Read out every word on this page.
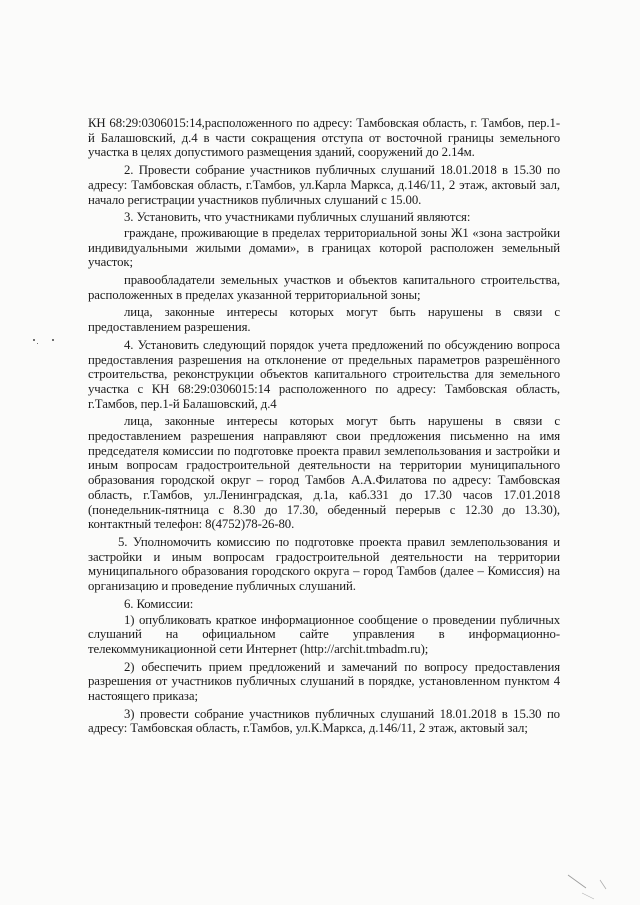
КН 68:29:0306015:14,расположенного по адресу: Тамбовская область, г. Тамбов, пер.1-й Балашовский, д.4 в части сокращения отступа от восточной границы земельного участка в целях допустимого размещения зданий, сооружений до 2.14м.

2. Провести собрание участников публичных слушаний 18.01.2018 в 15.30 по адресу: Тамбовская область, г.Тамбов, ул.Карла Маркса, д.146/11, 2 этаж, актовый зал, начало регистрации участников публичных слушаний с 15.00.

3. Установить, что участниками публичных слушаний являются:

граждане, проживающие в пределах территориальной зоны Ж1 «зона застройки индивидуальными жилыми домами», в границах которой расположен земельный участок;

правообладатели земельных участков и объектов капитального строительства, расположенных в пределах указанной территориальной зоны;

лица, законные интересы которых могут быть нарушены в связи с предоставлением разрешения.

4. Установить следующий порядок учета предложений по обсуждению вопроса предоставления разрешения на отклонение от предельных параметров разрешённого строительства, реконструкции объектов капитального строительства для земельного участка с КН 68:29:0306015:14 расположенного по адресу: Тамбовская область, г.Тамбов, пер.1-й Балашовский, д.4

лица, законные интересы которых могут быть нарушены в связи с предоставлением разрешения направляют свои предложения письменно на имя председателя комиссии по подготовке проекта правил землепользования и застройки и иным вопросам градостроительной деятельности на территории муниципального образования городской округ – город Тамбов А.А.Филатова по адресу: Тамбовская область, г.Тамбов, ул.Ленинградская, д.1а, каб.331 до 17.30 часов 17.01.2018 (понедельник-пятница с 8.30 до 17.30, обеденный перерыв с 12.30 до 13.30), контактный телефон: 8(4752)78-26-80.

5. Уполномочить комиссию по подготовке проекта правил землепользования и застройки и иным вопросам градостроительной деятельности на территории муниципального образования городского округа – город Тамбов (далее – Комиссия) на организацию и проведение публичных слушаний.

6. Комиссии:

1) опубликовать краткое информационное сообщение о проведении публичных слушаний на официальном сайте управления в информационно-телекоммуникационной сети Интернет (http://archit.tmbadm.ru);

2) обеспечить прием предложений и замечаний по вопросу предоставления разрешения от участников публичных слушаний в порядке, установленном пунктом 4 настоящего приказа;

3) провести собрание участников публичных слушаний 18.01.2018 в 15.30 по адресу: Тамбовская область, г.Тамбов, ул.К.Маркса, д.146/11, 2 этаж, актовый зал;
